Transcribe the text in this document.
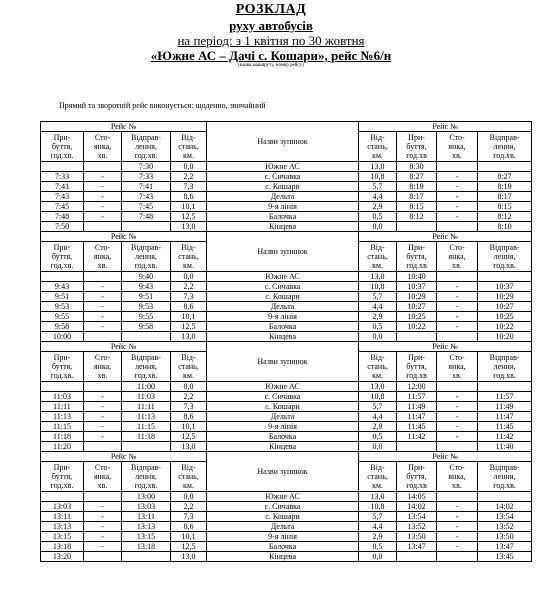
РОЗКЛАД
руху автобусів
на період: з 1 квітня по 30 жовтня
«Южне АС – Дачі с. Кошари», рейс №6/н
(назва маршруту, номер рейсу)
Прямий та зворотній рейс виконується: щоденно, звичайний
Рейс №				Назви зупинок	Рейс №			
При-
буття,
год.хв.	Сто-
янка,
хв.	Відправ-
лення,
год.хв.	Від-
стань,
км.		Від-
стань,
км.	При-
буття,
год.хв	Сто-
янка,
хв.	Відправ-
лення,
год.хв.
		7:30	0,0	Южне АС	13,0	8:30		
7:33	-	7:33	2,2	с. Сичавка	10,8	8:27	-	8:27
7:41	-	7:41	7,3	с. Кошари	5,7	8:19	-	8:19
7:43	-	7:43	8,6	Дельта	4,4	8:17	-	8:17
7:45	-	7:45	10,1	9-я лінія	2,9	8:15	-	8:15
7:48	-	7:48	12,5	Балочка	0,5	8:12	-	8:12
7:50			13,0	Кінцева	0,0			8:10
Рейс №				Назви зупинок	Рейс №			
При-
буття,
год.хв.	Сто-
янка,
хв.	Відправ-
лення,
год.хв.	Від-
стань,
км.		Від-
стань,
км.	При-
буття,
год.хв	Сто-
янка,
хв.	Відправ-
лення,
год.хв.
		9:40	0,0	Южне АС	13,0	10:40		
9:43	-	9:43	2,2	с. Сичавка	10,8	10:37	-	10:37
9:51	-	9:51	7,3	с. Кошари	5,7	10:29	-	10:29
9:53	-	9:53	8,6	Дельта	4,4	10:27	-	10:27
9:55	-	9:55	10,1	9-я лінія	2,9	10:25	-	10:25
9:58	-	9:58	12,5	Балочка	0,5	10:22	-	10:22
10:00			13,0	Кінцева	0,0			10:20
Рейс №				Назви зупинок	Рейс №			
При-
буття,
год.хв.	Сто-
янка,
хв.	Відправ-
лення,
год.хв.	Від-
стань,
км.		Від-
стань,
км.	При-
буття,
год.хв	Сто-
янка,
хв.	Відправ-
лення,
год.хв.
		11:00	0,0	Южне АС	13,0	12:00		
11:03	-	11:03	2,2	с. Сичавка	10,8	11:57	-	11:57
11:11	-	11:11	7,3	с. Кошари	5,7	11:49	-	11:49
11:13	-	11:13	8,6	Дельта	4,4	11:47	-	11:47
11:15	-	11:15	10,1	9-я лінія	2,9	11:45	-	11:45
11:18	-	11:18	12,5	Балочка	0,5	11:42	-	11:42
11:20			13,0	Кінцева	0,0			11:40
Рейс №				Назви зупинок	Рейс №			
При-
буття,
год.хв.	Сто-
янка,
хв.	Відправ-
лення,
год.хв.	Від-
стань,
км.		Від-
стань,
км.	При-
буття,
год.хв	Сто-
янка,
хв.	Відправ-
лення,
год.хв.
		13:00	0,0	Южне АС	13,0	14:05		
13:03	-	13:03	2,2	с. Сичавка	10,8	14:02	-	14:02
13:11	-	13:11	7,3	с. Кошари	5,7	13:54	-	13:54
13:13	-	13:13	8,6	Дельта	4,4	13:52	-	13:52
13:15	-	13:15	10,1	9-я лінія	2,9	13:50	-	13:50
13:18	-	13:18	12,5	Балочка	0,5	13:47	-	13:47
13:20			13,0	Кінцева	0,0			13:45
